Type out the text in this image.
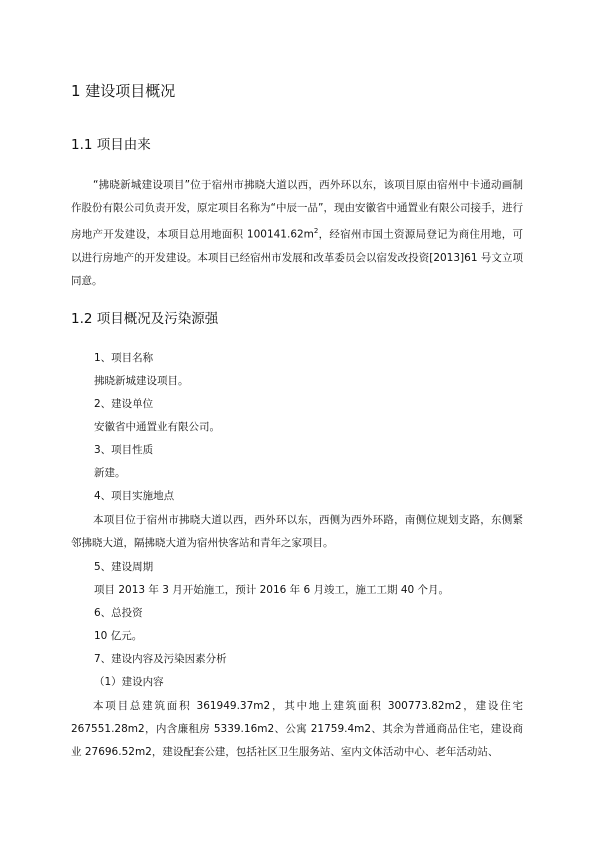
1 建设项目概况
1.1 项目由来
“拂晓新城建设项目”位于宿州市拂晓大道以西，西外环以东，该项目原由宿州中卡通动画制作股份有限公司负责开发，原定项目名称为“中辰一品”，现由安徽省中通置业有限公司接手，进行房地产开发建设，本项目总用地面积 $100141.62m^2$，经宿州市国土资源局登记为商住用地，可以进行房地产的开发建设。本项目已经宿州市发展和改革委员会以宿发改投资[2013]61 号文立项同意。
1.2 项目概况及污染源强
1、项目名称
拂晓新城建设项目。
2、建设单位
安徽省中通置业有限公司。
3、项目性质
新建。
4、项目实施地点
本项目位于宿州市拂晓大道以西，西外环以东，西侧为西外环路，南侧位规划支路，东侧紧邻拂晓大道，隔拂晓大道为宿州快客站和青年之家项目。
5、建设周期
项目 2013 年 3 月开始施工，预计 2016 年 6 月竣工，施工工期 40 个月。
6、总投资
10 亿元。
7、建设内容及污染因素分析
（1）建设内容
本项目总建筑面积 361949.37m2，其中地上建筑面积 300773.82m2，建设住宅 267551.28m2，内含廉租房 5339.16m2、公寓 21759.4m2、其余为普通商品住宅，建设商业 27696.52m2，建设配套公建，包括社区卫生服务站、室内文体活动中心、老年活动站、
